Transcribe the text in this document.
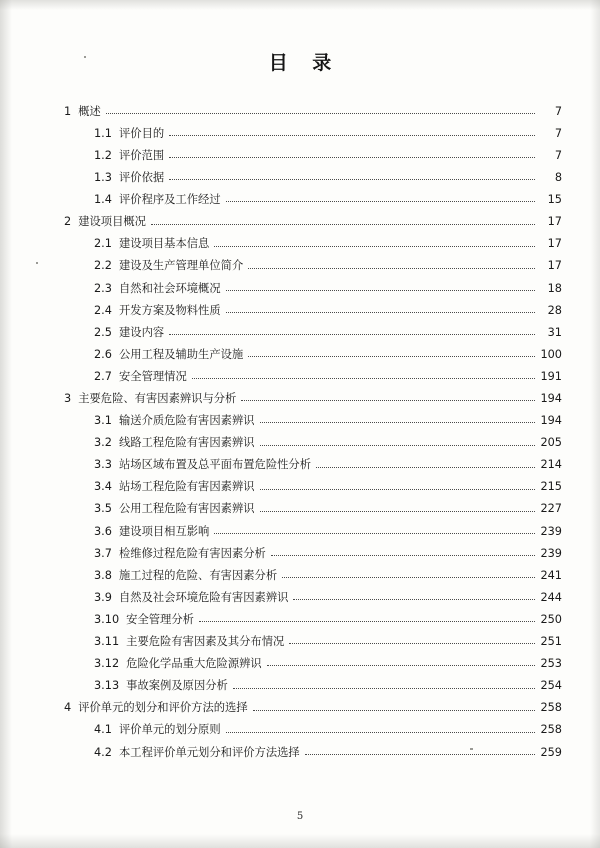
目 录
1 概述	7
1.1 评价目的	7
1.2 评价范围	7
1.3 评价依据	8
1.4 评价程序及工作经过	15
2 建设项目概况	17
2.1 建设项目基本信息	17
2.2 建设及生产管理单位简介	17
2.3 自然和社会环境概况	18
2.4 开发方案及物料性质	28
2.5 建设内容	31
2.6 公用工程及辅助生产设施	100
2.7 安全管理情况	191
3 主要危险、有害因素辨识与分析	194
3.1 输送介质危险有害因素辨识	194
3.2 线路工程危险有害因素辨识	205
3.3 站场区域布置及总平面布置危险性分析	214
3.4 站场工程危险有害因素辨识	215
3.5 公用工程危险有害因素辨识	227
3.6 建设项目相互影响	239
3.7 检维修过程危险有害因素分析	239
3.8 施工过程的危险、有害因素分析	241
3.9 自然及社会环境危险有害因素辨识	244
3.10 安全管理分析	250
3.11 主要危险有害因素及其分布情况	251
3.12 危险化学品重大危险源辨识	253
3.13 事故案例及原因分析	254
4 评价单元的划分和评价方法的选择	258
4.1 评价单元的划分原则	258
4.2 本工程评价单元划分和评价方法选择	259
5
